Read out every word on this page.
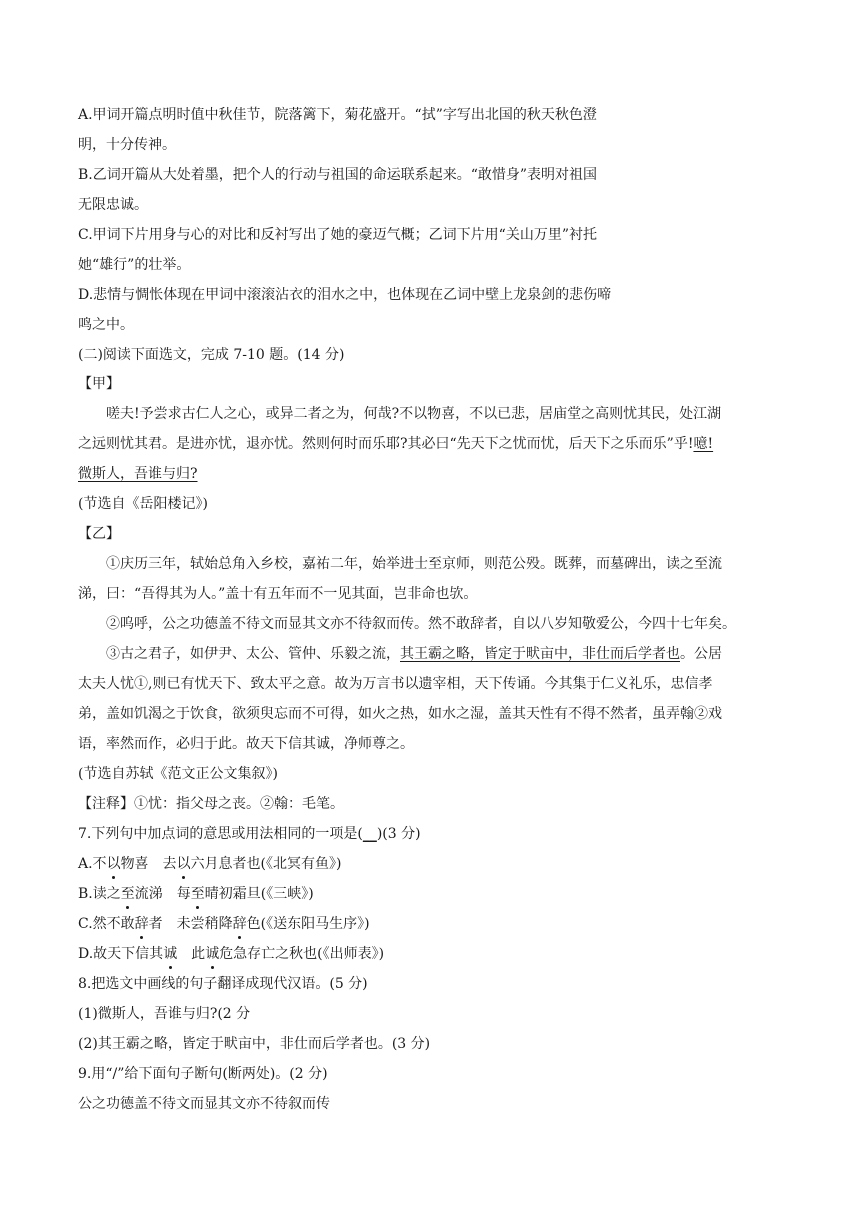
A.甲词开篇点明时值中秋佳节，院落篱下，菊花盛开。“拭”字写出北国的秋天秋色澄
明，十分传神。
B.乙词开篇从大处着墨，把个人的行动与祖国的命运联系起来。“敢惜身”表明对祖国
无限忠诚。
C.甲词下片用身与心的对比和反衬写出了她的豪迈气概；乙词下片用“关山万里”衬托
她“雄行”的壮举。
D.悲情与惆怅体现在甲词中滚滚沾衣的泪水之中，也体现在乙词中壁上龙泉剑的悲伤啼
鸣之中。
(二)阅读下面选文，完成 7-10 题。(14 分)
【甲】
嗟夫!予尝求古仁人之心，或异二者之为，何哉?不以物喜，不以已悲，居庙堂之高则忧其民，处江湖
之远则忧其君。是进亦忧，退亦忧。然则何时而乐耶?其必曰“先天下之忧而忧，后天下之乐而乐”乎!噫!
微斯人，吾谁与归?
(节选自《岳阳楼记》)
【乙】
①庆历三年，轼始总角入乡校，嘉祐二年，始举进士至京师，则范公殁。既葬，而墓碑出，读之至流
涕，曰：“吾得其为人。”盖十有五年而不一见其面，岂非命也欤。
②呜呼，公之功德盖不待文而显其文亦不待叙而传。然不敢辞者，自以八岁知敬爱公，今四十七年矣。
③古之君子，如伊尹、太公、管仲、乐毅之流，其王霸之略，皆定于畎亩中，非仕而后学者也。公居
太夫人忧①,则已有忧天下、致太平之意。故为万言书以遗宰相，天下传诵。今其集于仁义礼乐，忠信孝
弟，盖如饥渴之于饮食，欲须臾忘而不可得，如火之热，如水之湿，盖其天性有不得不然者，虽弄翰②戏
语，率然而作，必归于此。故天下信其诚，净师尊之。
(节选自苏轼《范文正公文集叙》)
【注释】①忧：指父母之丧。②翰：毛笔。
7.下列句中加点词的意思或用法相同的一项是(__)(3 分)
A.不以物喜　去以六月息者也(《北冥有鱼》)
B.读之至流涕　每至晴初霜旦(《三峡》)
C.然不敢辞者　未尝稍降辞色(《送东阳马生序》)
D.故天下信其诚　此诚危急存亡之秋也(《出师表》)
8.把选文中画线的句子翻译成现代汉语。(5 分)
(1)微斯人，吾谁与归?(2 分
(2)其王霸之略，皆定于畎亩中，非仕而后学者也。(3 分)
9.用“/”给下面句子断句(断两处)。(2 分)
公之功德盖不待文而显其文亦不待叙而传
